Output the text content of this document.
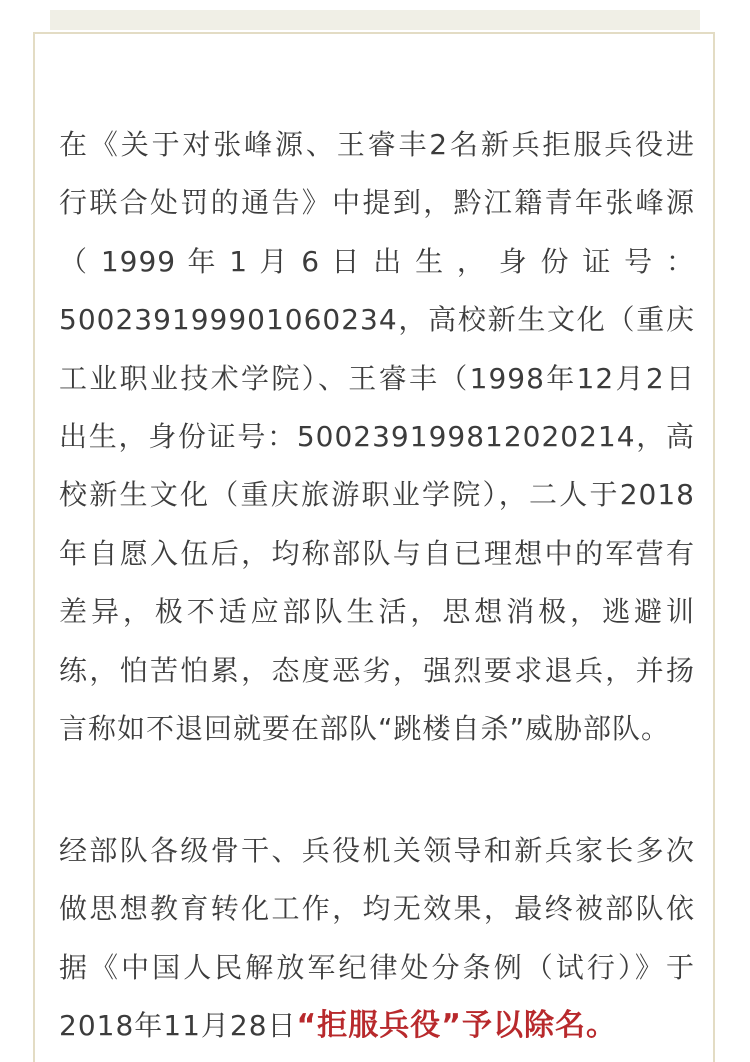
在《关于对张峰源、王睿丰2名新兵拒服兵役进
行联合处罚的通告》中提到，黔江籍青年张峰源
（ 1999 年 1 月 6 日 出 生 ， 身 份 证 号 ：
500239199901060234，高校新生文化（重庆
工业职业技术学院）、王睿丰（1998年12月2日
出生，身份证号：500239199812020214，高
校新生文化（重庆旅游职业学院），二人于2018
年自愿入伍后，均称部队与自已理想中的军营有
差异，极不适应部队生活，思想消极，逃避训
练，怕苦怕累，态度恶劣，强烈要求退兵，并扬
言称如不退回就要在部队“跳楼自杀”威胁部队。
经部队各级骨干、兵役机关领导和新兵家长多次
做思想教育转化工作，均无效果，最终被部队依
据《中国人民解放军纪律处分条例（试行）》于
2018年11月28日“拒服兵役”予以除名。
